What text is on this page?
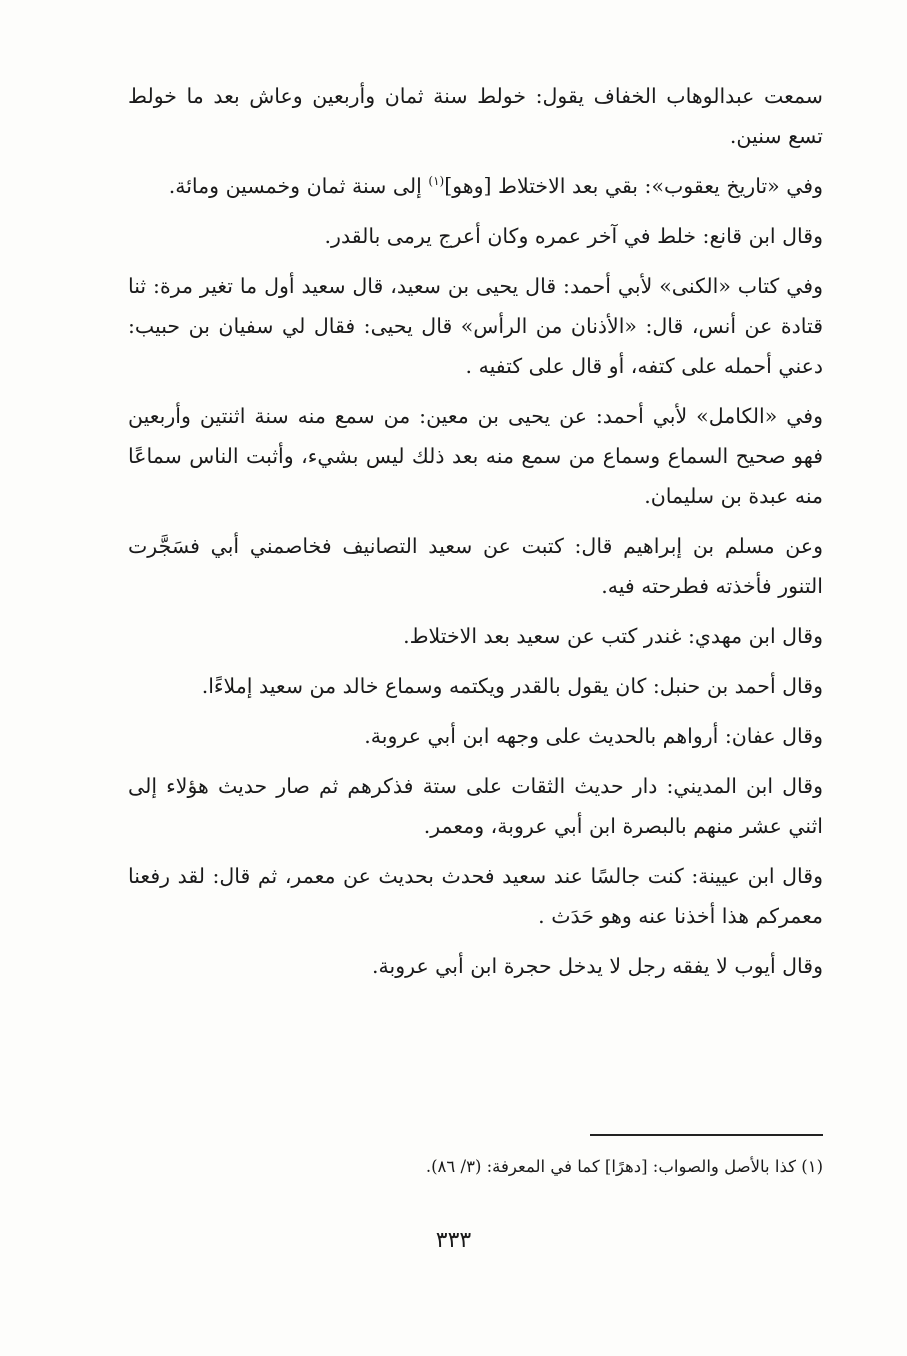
سمعت عبدالوهاب الخفاف يقول: خولط سنة ثمان وأربعين وعاش بعد ما خولط تسع سنين.

وفي «تاريخ يعقوب»: بقي بعد الاختلاط [وهو]$^{(١)}$ إلى سنة ثمان وخمسين ومائة.

وقال ابن قانع: خلط في آخر عمره وكان أعرج يرمى بالقدر.

وفي كتاب «الكنى» لأبي أحمد: قال يحيى بن سعيد، قال سعيد أول ما تغير مرة: ثنا قتادة عن أنس، قال: «الأذنان من الرأس» قال يحيى: فقال لي سفيان بن حبيب: دعني أحمله على كتفه، أو قال على كتفيه .

وفي «الكامل» لأبي أحمد: عن يحيى بن معين: من سمع منه سنة اثنتين وأربعين فهو صحيح السماع وسماع من سمع منه بعد ذلك ليس بشيء، وأثبت الناس سماعًا منه عبدة بن سليمان.

وعن مسلم بن إبراهيم قال: كتبت عن سعيد التصانيف فخاصمني أبي فسَجَّرت التنور فأخذته فطرحته فيه.

وقال ابن مهدي: غندر كتب عن سعيد بعد الاختلاط.

وقال أحمد بن حنبل: كان يقول بالقدر ويكتمه وسماع خالد من سعيد إملاءًا.

وقال عفان: أرواهم بالحديث على وجهه ابن أبي عروبة.

وقال ابن المديني: دار حديث الثقات على ستة فذكرهم ثم صار حديث هؤلاء إلى اثني عشر منهم بالبصرة ابن أبي عروبة، ومعمر.

وقال ابن عيينة: كنت جالسًا عند سعيد فحدث بحديث عن معمر، ثم قال: لقد رفعنا معمركم هذا أخذنا عنه وهو حَدَث .

وقال أيوب لا يفقه رجل لا يدخل حجرة ابن أبي عروبة.

(١) كذا بالأصل والصواب: [دهرًا] كما في المعرفة: (٣/ ٨٦).
٣٣٣
